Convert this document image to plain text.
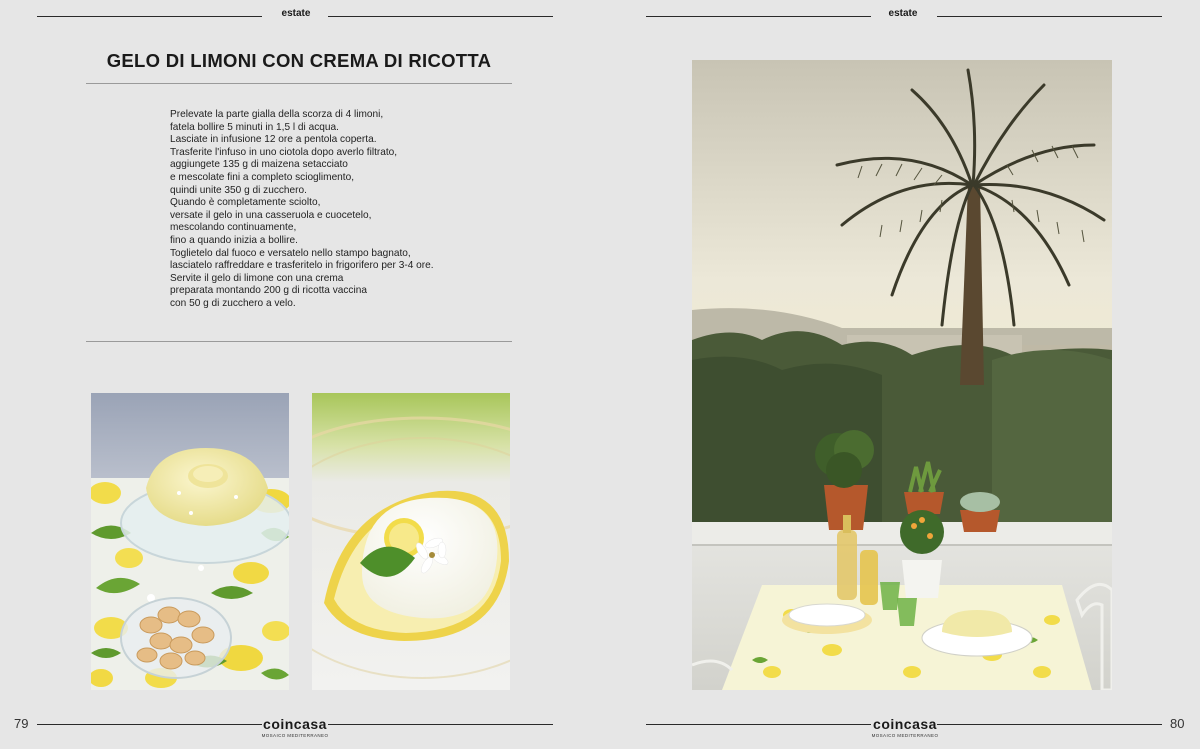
estate
GELO DI LIMONI CON CREMA DI RICOTTA
Prelevate la parte gialla della scorza di 4 limoni,
fatela bollire 5 minuti in 1,5 l di acqua.
Lasciate in infusione 12 ore a pentola coperta.
Trasferite l'infuso in uno ciotola dopo averlo filtrato,
aggiungete 135 g di maizena setacciato
e mescolate fini a completo scioglimento,
quindi unite 350 g di zucchero.
Quando è completamente sciolto,
versate il gelo in una casseruola e cuocetelo,
mescolando continuamente,
fino a quando inizia a bollire.
Toglietelo dal fuoco e versatelo nello stampo bagnato,
lasciatelo raffreddare e trasferitelo in frigorifero per 3-4 ore.
Servite il gelo di limone con una crema
preparata montando 200 g di ricotta vaccina
con 50 g di zucchero a velo.
79	coincasa
MOSAICO MEDITERRANEO
estate
coincasa
MOSAICO MEDITERRANEO
80
